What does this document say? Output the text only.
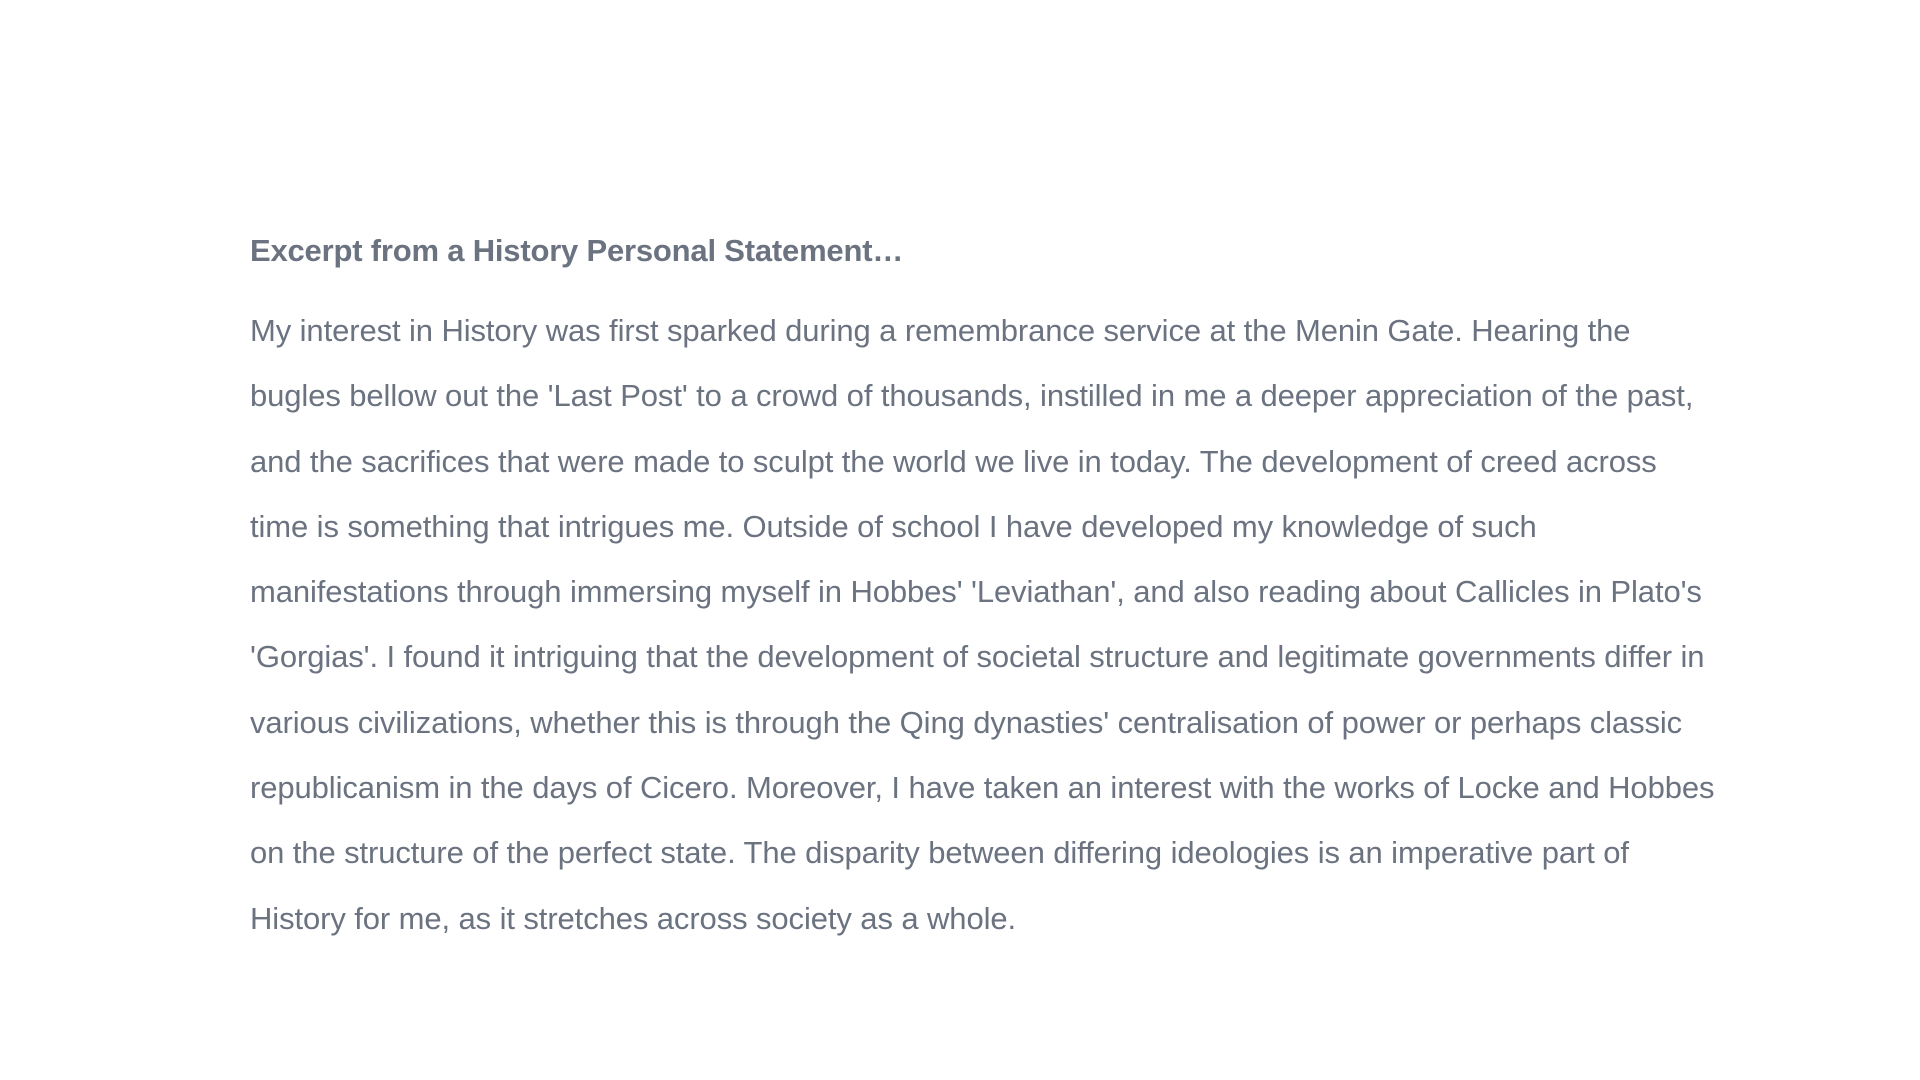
Excerpt from a History Personal Statement…

My interest in History was first sparked during a remembrance service at the Menin Gate. Hearing the bugles bellow out the 'Last Post' to a crowd of thousands, instilled in me a deeper appreciation of the past, and the sacrifices that were made to sculpt the world we live in today. The development of creed across time is something that intrigues me. Outside of school I have developed my knowledge of such manifestations through immersing myself in Hobbes' 'Leviathan', and also reading about Callicles in Plato's 'Gorgias'. I found it intriguing that the development of societal structure and legitimate governments differ in various civilizations, whether this is through the Qing dynasties' centralisation of power or perhaps classic republicanism in the days of Cicero. Moreover, I have taken an interest with the works of Locke and Hobbes on the structure of the perfect state. The disparity between differing ideologies is an imperative part of History for me, as it stretches across society as a whole.
